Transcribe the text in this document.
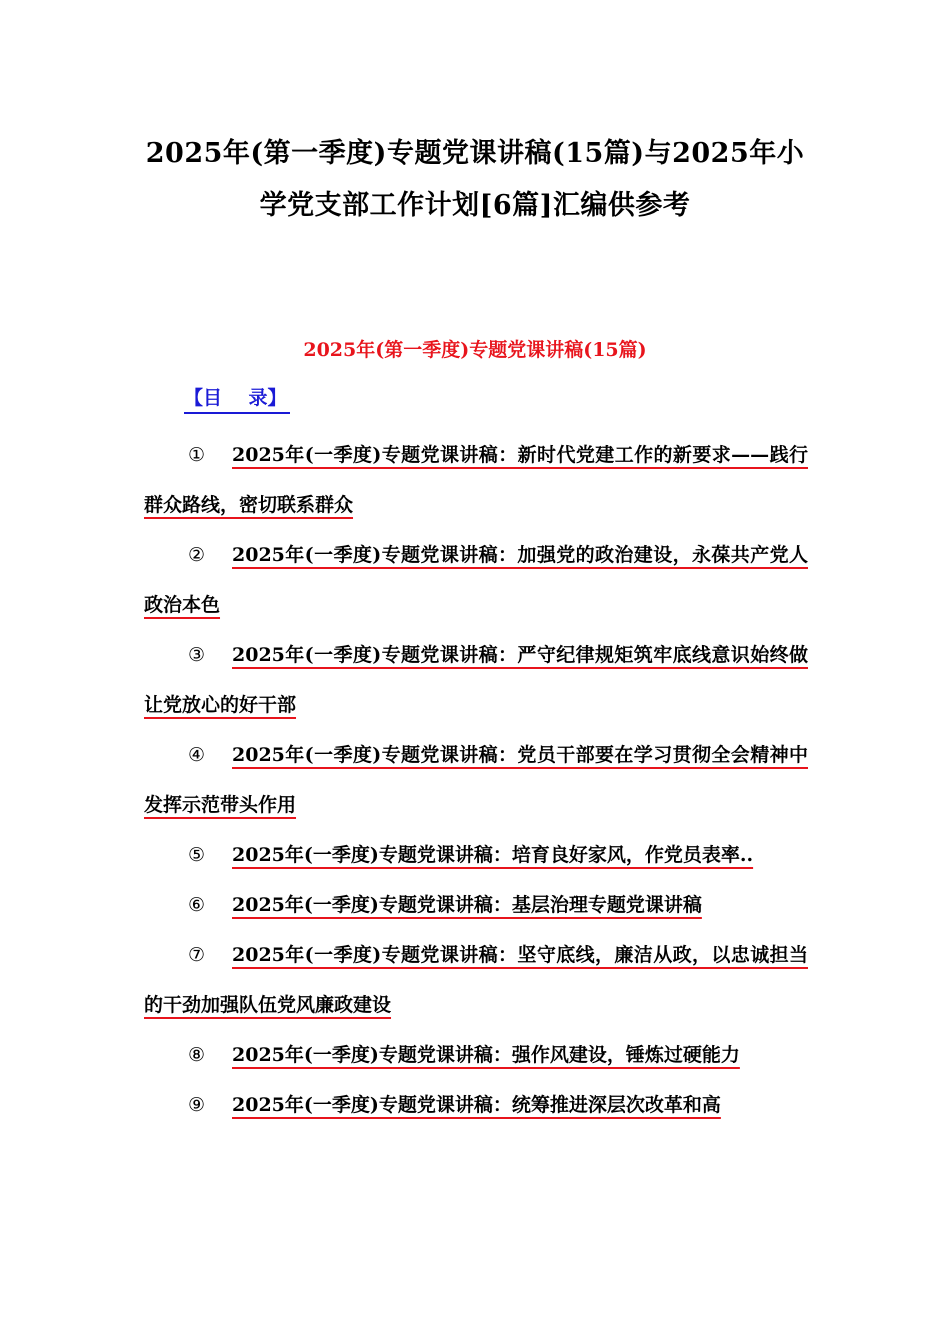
2025年(第一季度)专题党课讲稿(15篇)与2025年小
学党支部工作计划[6篇]汇编供参考
2025年(第一季度)专题党课讲稿(15篇)
【目    录】
① 2025年(一季度)专题党课讲稿：新时代党建工作的新要求——践行群众路线，密切联系群众
② 2025年(一季度)专题党课讲稿：加强党的政治建设，永葆共产党人政治本色
③ 2025年(一季度)专题党课讲稿：严守纪律规矩筑牢底线意识始终做让党放心的好干部
④ 2025年(一季度)专题党课讲稿：党员干部要在学习贯彻全会精神中发挥示范带头作用
⑤ 2025年(一季度)专题党课讲稿：培育良好家风，作党员表率..
⑥ 2025年(一季度)专题党课讲稿：基层治理专题党课讲稿
⑦ 2025年(一季度)专题党课讲稿：坚守底线，廉洁从政，以忠诚担当的干劲加强队伍党风廉政建设
⑧ 2025年(一季度)专题党课讲稿：强作风建设，锤炼过硬能力
⑨ 2025年(一季度)专题党课讲稿：统筹推进深层次改革和高
